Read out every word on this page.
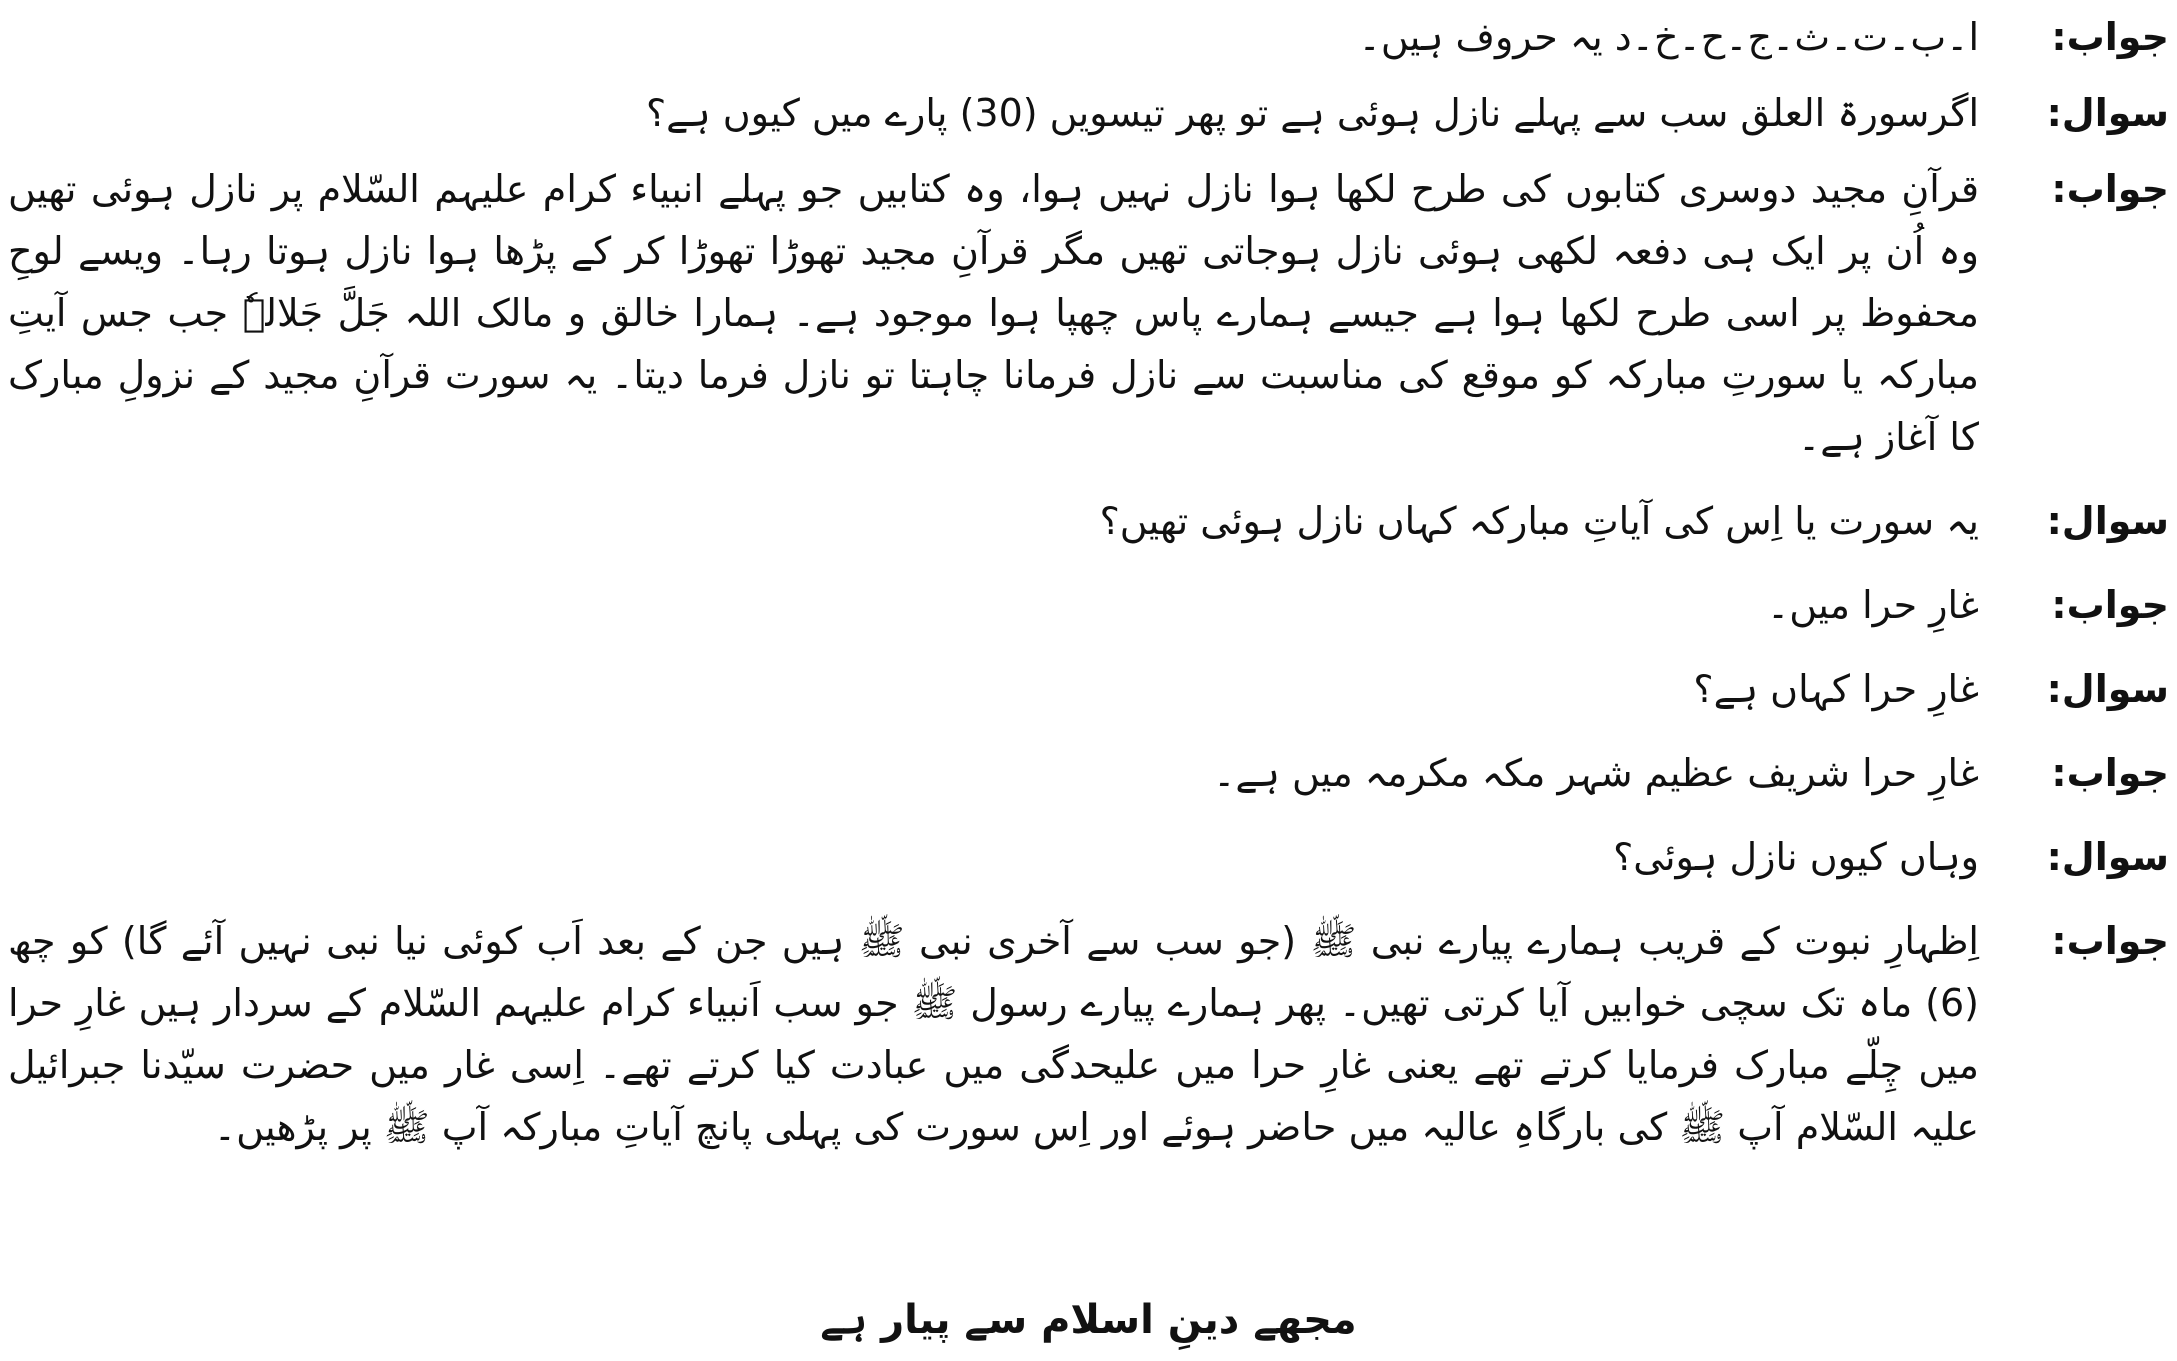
جواب:
ا۔ب۔ت۔ث۔ج۔ح۔خ۔د یہ حروف ہیں۔
سوال:
اگرسورۃ العلق سب سے پہلے نازل ہوئی ہے تو پھر تیسویں (30) پارے میں کیوں ہے؟
جواب:
قرآنِ مجید دوسری کتابوں کی طرح لکھا ہوا نازل نہیں ہوا، وہ کتابیں جو پہلے انبیاء کرام علیہم السّلام پر نازل ہوئی تھیں وہ اُن پر ایک ہی دفعہ لکھی ہوئی نازل ہوجاتی تھیں مگر قرآنِ مجید تھوڑا تھوڑا کر کے پڑھا ہوا نازل ہوتا رہا۔ ویسے لوحِ محفوظ پر اسی طرح لکھا ہوا ہے جیسے ہمارے پاس چھپا ہوا موجود ہے۔ ہمارا خالق و مالک اللہ جَلَّ جَلالہٗ جب جس آیتِ مبارکہ یا سورتِ مبارکہ کو موقع کی مناسبت سے نازل فرمانا چاہتا تو نازل فرما دیتا۔ یہ سورت قرآنِ مجید کے نزولِ مبارک کا آغاز ہے۔
سوال:
یہ سورت یا اِس کی آیاتِ مبارکہ کہاں نازل ہوئی تھیں؟
جواب:
غارِ حرا میں۔
سوال:
غارِ حرا کہاں ہے؟
جواب:
غارِ حرا شریف عظیم شہر مکہ مکرمہ میں ہے۔
سوال:
وہاں کیوں نازل ہوئی؟
جواب:
اِظہارِ نبوت کے قریب ہمارے پیارے نبی ﷺ (جو سب سے آخری نبی ﷺ ہیں جن کے بعد اَب کوئی نیا نبی نہیں آئے گا) کو چھ (6) ماہ تک سچی خوابیں آیا کرتی تھیں۔ پھر ہمارے پیارے رسول ﷺ جو سب اَنبیاء کرام علیہم السّلام کے سردار ہیں غارِ حرا میں چِلّے مبارک فرمایا کرتے تھے یعنی غارِ حرا میں علیحدگی میں عبادت کیا کرتے تھے۔ اِسی غار میں حضرت سیّدنا جبرائیل علیہ السّلام آپ ﷺ کی بارگاہِ عالیہ میں حاضر ہوئے اور اِس سورت کی پہلی پانچ آیاتِ مبارکہ آپ ﷺ پر پڑھیں۔
مجھے دینِ اسلام سے پیار ہے
